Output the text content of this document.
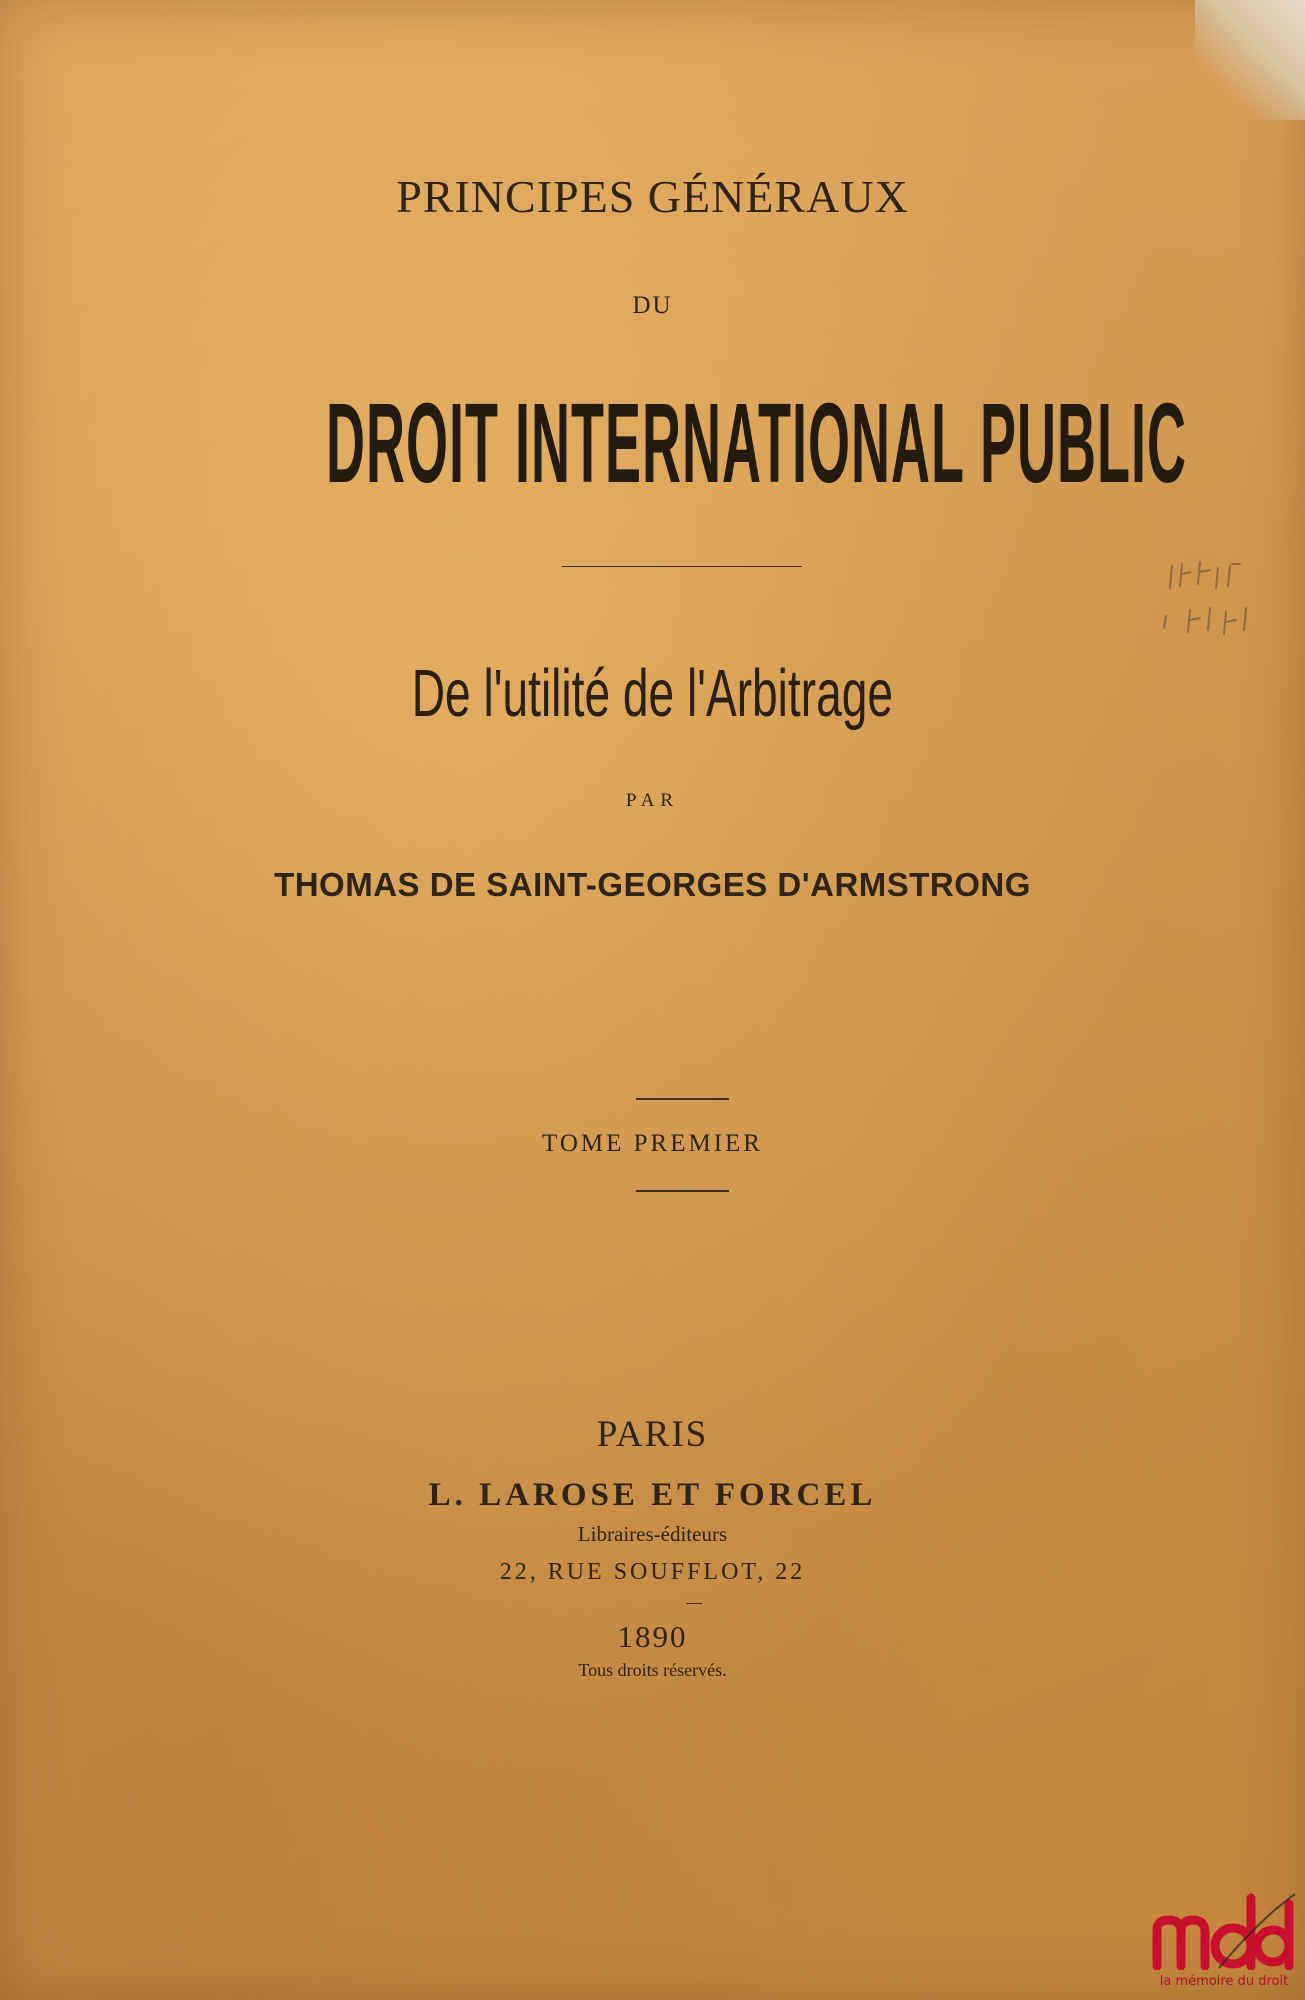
PRINCIPES GÉNÉRAUX
DU
DROIT INTERNATIONAL PUBLIC
De l'utilité de l'Arbitrage
PAR
THOMAS DE SAINT-GEORGES D'ARMSTRONG
TOME PREMIER
PARIS
L. LAROSE ET FORCEL
Libraires-éditeurs
22, RUE SOUFFLOT, 22
1890
Tous droits réservés.
la mémoire du droit
